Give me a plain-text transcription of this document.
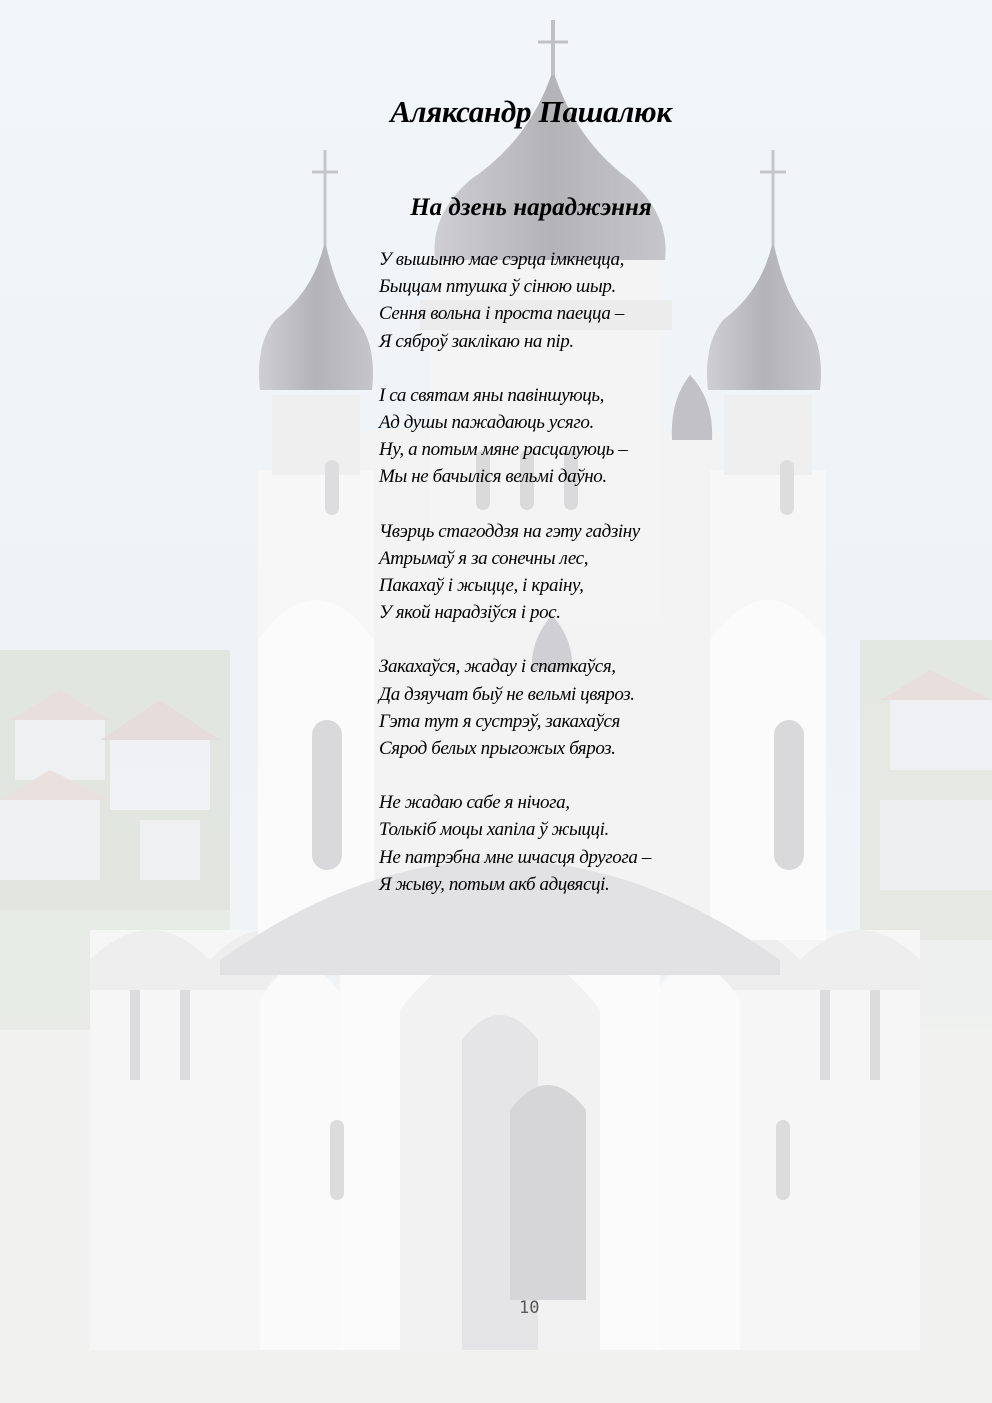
Аляксандр Пашалюк
На дзень нараджэння
У вышыню мае сэрца імкнецца,
Быццам птушка ў сінюю шыр.
Сення вольна і проста паецца –
Я сяброў заклікаю на пір.
І са святам яны павіншуюць,
Ад душы пажадаюць усяго.
Ну, а потым мяне расцалуюць –
Мы не бачыліся вельмі даўно.
Чвэрць стагоддзя на гэту гадзіну
Атрымаў я за сонечны лес,
Пакахаў і жыцце, і краіну,
У якой нарадзіўся і рос.
Закахаўся, жадау і спаткаўся,
Да дзяучат быў не вельмі цвяроз.
Гэта тут я сустрэў, закахаўся
Сярод белых прыгожых бяроз.
Не жадаю сабе я нічога,
Толькіб моцы хапіла ў жыцці.
Не патрэбна мне шчасця другога –
Я жыву, потым акб адцвясці.
10
